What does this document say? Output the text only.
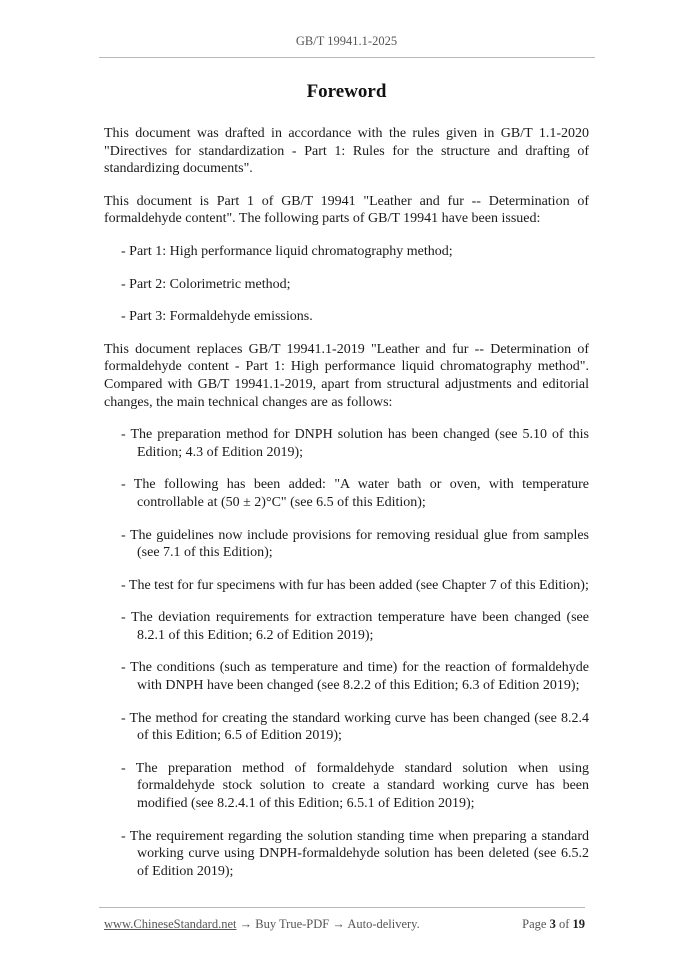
GB/T 19941.1-2025
Foreword

This document was drafted in accordance with the rules given in GB/T 1.1-2020 "Directives for standardization - Part 1: Rules for the structure and drafting of standardizing documents".

This document is Part 1 of GB/T 19941 "Leather and fur -- Determination of formaldehyde content". The following parts of GB/T 19941 have been issued:

- Part 1: High performance liquid chromatography method;

- Part 2: Colorimetric method;

- Part 3: Formaldehyde emissions.

This document replaces GB/T 19941.1-2019 "Leather and fur -- Determination of formaldehyde content - Part 1: High performance liquid chromatography method". Compared with GB/T 19941.1-2019, apart from structural adjustments and editorial changes, the main technical changes are as follows:

- The preparation method for DNPH solution has been changed (see 5.10 of this Edition; 4.3 of Edition 2019);

- The following has been added: "A water bath or oven, with temperature controllable at (50 ± 2)°C" (see 6.5 of this Edition);

- The guidelines now include provisions for removing residual glue from samples (see 7.1 of this Edition);

- The test for fur specimens with fur has been added (see Chapter 7 of this Edition);

- The deviation requirements for extraction temperature have been changed (see 8.2.1 of this Edition; 6.2 of Edition 2019);

- The conditions (such as temperature and time) for the reaction of formaldehyde with DNPH have been changed (see 8.2.2 of this Edition; 6.3 of Edition 2019);

- The method for creating the standard working curve has been changed (see 8.2.4 of this Edition; 6.5 of Edition 2019);

- The preparation method of formaldehyde standard solution when using formaldehyde stock solution to create a standard working curve has been modified (see 8.2.4.1 of this Edition; 6.5.1 of Edition 2019);

- The requirement regarding the solution standing time when preparing a standard working curve using DNPH-formaldehyde solution has been deleted (see 6.5.2 of Edition 2019);

www.ChineseStandard.net → Buy True-PDF → Auto-delivery.	Page 3 of 19
